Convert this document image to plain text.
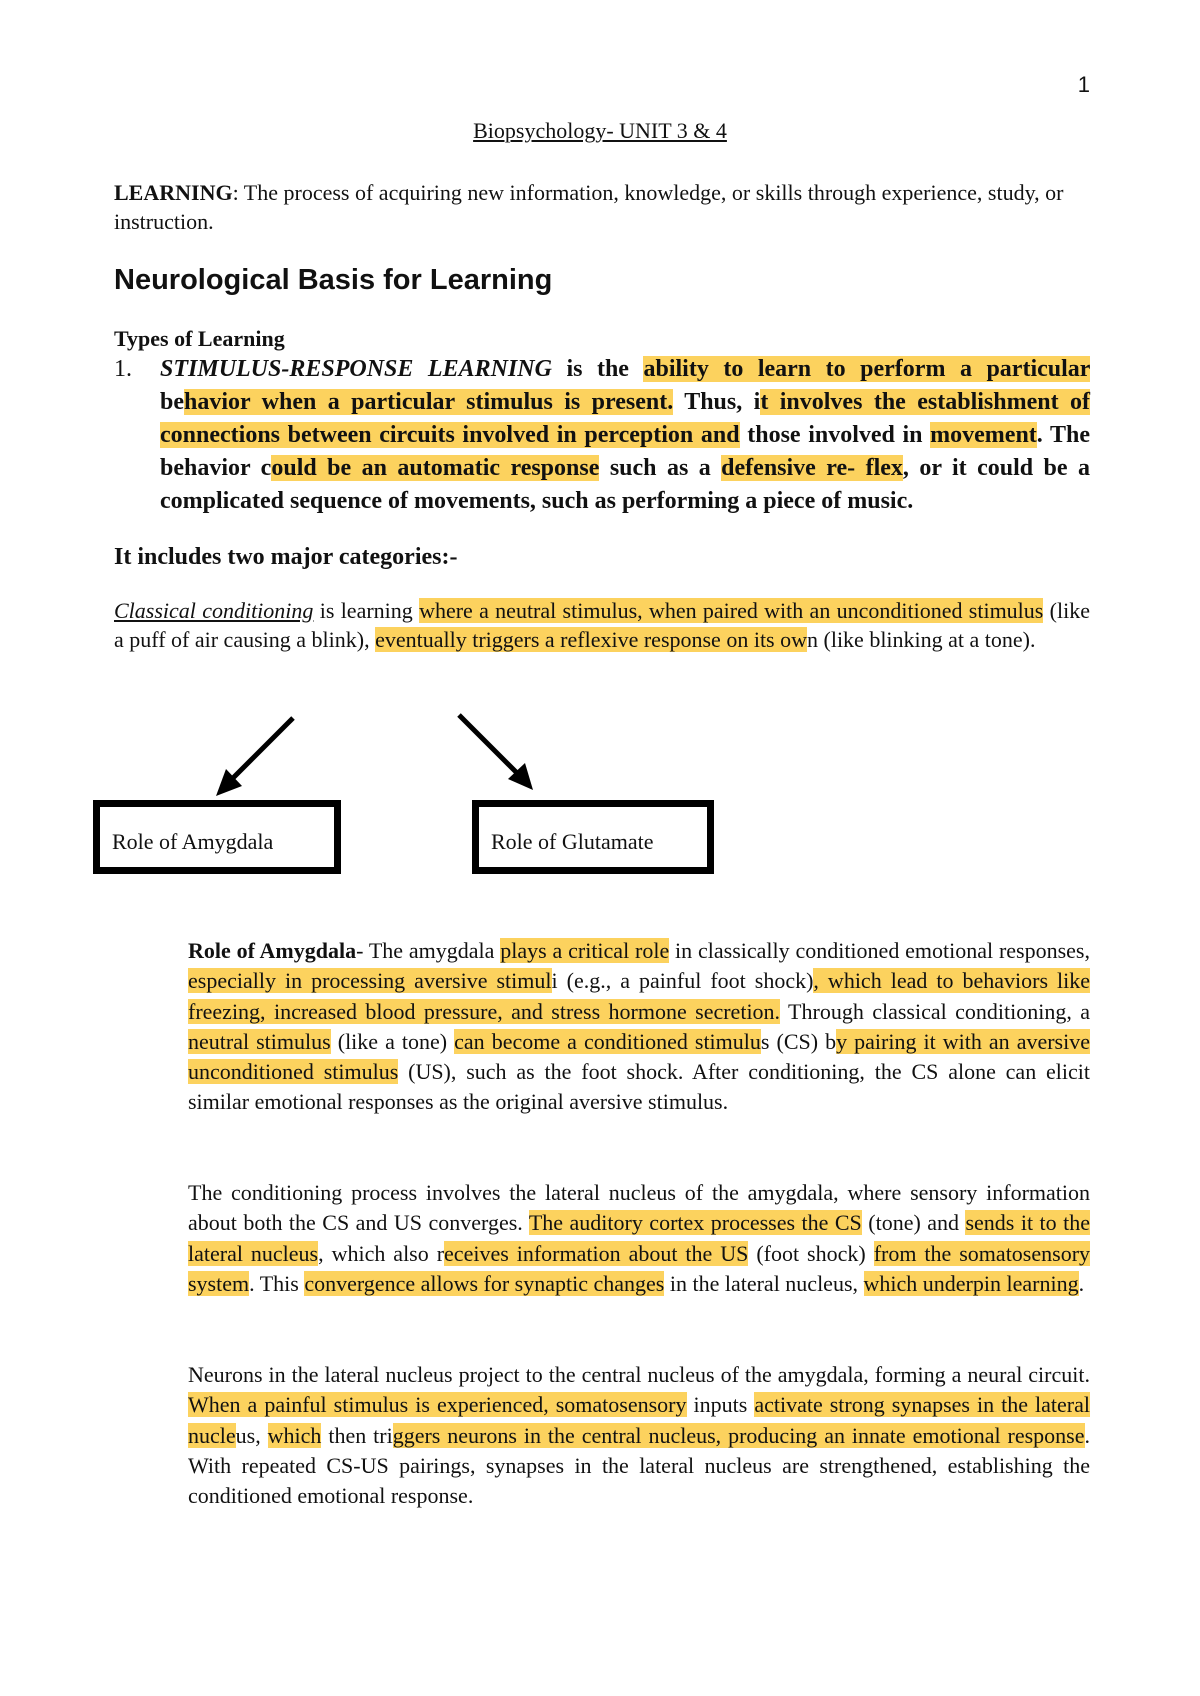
1
Biopsychology- UNIT 3 & 4
LEARNING: The process of acquiring new information, knowledge, or skills through experience, study, or instruction.
Neurological Basis for Learning
Types of Learning
1. STIMULUS-RESPONSE LEARNING is the ability to learn to perform a particular behavior when a particular stimulus is present. Thus, it involves the establishment of connections between circuits involved in perception and those involved in movement. The behavior could be an automatic response such as a defensive re- flex, or it could be a complicated sequence of movements, such as performing a piece of music.
It includes two major categories:-
Classical conditioning is learning where a neutral stimulus, when paired with an unconditioned stimulus (like a puff of air causing a blink), eventually triggers a reflexive response on its own (like blinking at a tone).
Role of Amygdala	Role of Glutamate
Role of Amygdala- The amygdala plays a critical role in classically conditioned emotional responses, especially in processing aversive stimuli (e.g., a painful foot shock), which lead to behaviors like freezing, increased blood pressure, and stress hormone secretion. Through classical conditioning, a neutral stimulus (like a tone) can become a conditioned stimulus (CS) by pairing it with an aversive unconditioned stimulus (US), such as the foot shock. After conditioning, the CS alone can elicit similar emotional responses as the original aversive stimulus.
The conditioning process involves the lateral nucleus of the amygdala, where sensory information about both the CS and US converges. The auditory cortex processes the CS (tone) and sends it to the lateral nucleus, which also receives information about the US (foot shock) from the somatosensory system. This convergence allows for synaptic changes in the lateral nucleus, which underpin learning.
Neurons in the lateral nucleus project to the central nucleus of the amygdala, forming a neural circuit. When a painful stimulus is experienced, somatosensory inputs activate strong synapses in the lateral nucleus, which then triggers neurons in the central nucleus, producing an innate emotional response. With repeated CS-US pairings, synapses in the lateral nucleus are strengthened, establishing the conditioned emotional response.
